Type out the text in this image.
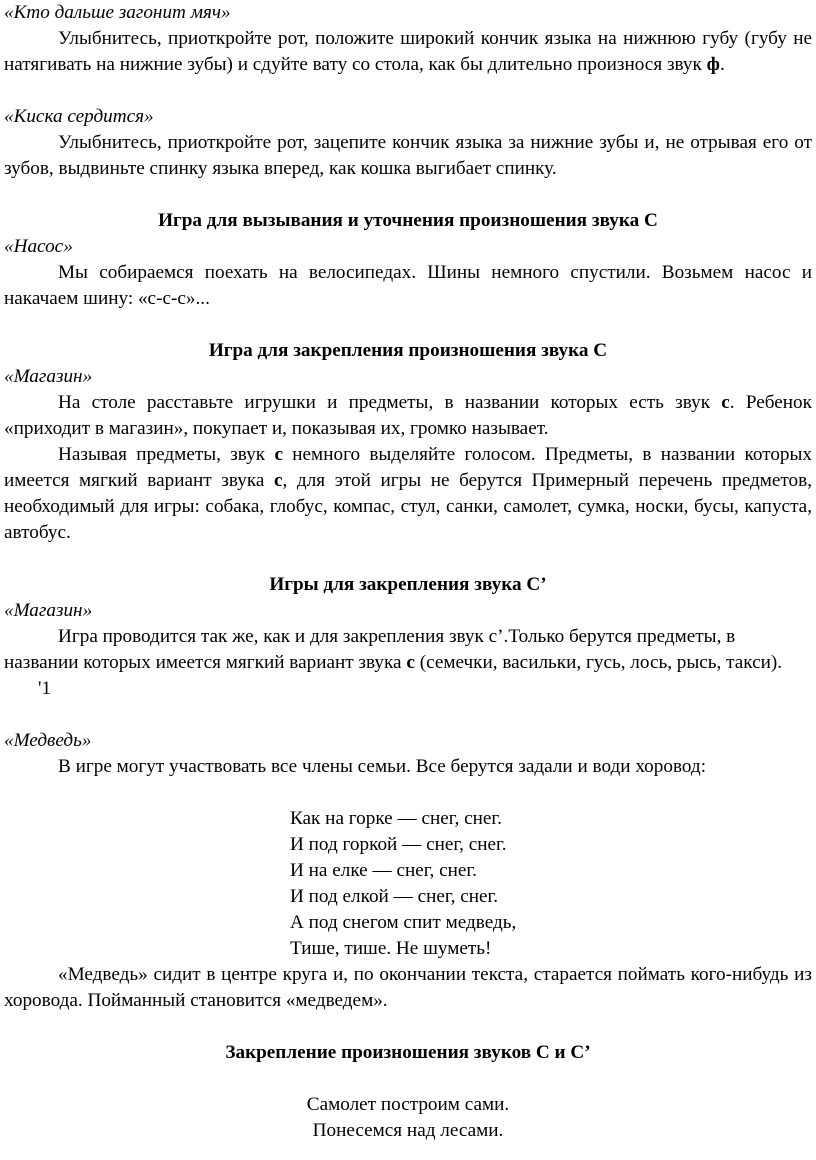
«Кто дальше загонит мяч»

Улыбнитесь, приоткройте рот, положите широкий кончик языка на нижнюю губу (губу не натягивать на нижние зубы) и сдуйте вату со стола, как бы длительно произнося звук ф.

«Киска сердится»

Улыбнитесь, приоткройте рот, зацепите кончик языка за нижние зубы и, не отрывая его от зубов, выдвиньте спинку языка вперед, как кошка выгибает спинку.

Игра для вызывания и уточнения произношения звука С

«Насос»

Мы собираемся поехать на велосипедах. Шины немного спустили. Возьмем насос и накачаем шину: «с-с-с»...

Игра для закрепления произношения звука С

«Магазин»

На столе расставьте игрушки и предметы, в названии которых есть звук с. Ребенок «приходит в магазин», покупает и, показывая их, громко называет.

Называя предметы, звук с немного выделяйте голосом. Предметы, в названии которых имеется мягкий вариант звука с, для этой игры не берутся Примерный перечень предметов, необходимый для игры: собака, глобус, компас, стул, санки, самолет, сумка, носки, бусы, капуста, автобус.

Игры для закрепления звука С’

«Магазин»

Игра проводится так же, как и для закрепления звук с’.Только берутся предметы, в названии которых имеется мягкий вариант звука с (семечки, васильки, гусь, лось, рысь, такси).'1

«Медведь»

В игре могут участвовать все члены семьи. Все берутся задали и води хоровод:

Как на горке — снег, снег.
И под горкой — снег, снег.
И на елке — снег, снег.
И под елкой — снег, снег.
А под снегом спит медведь,
Тише, тише. Не шуметь!

«Медведь» сидит в центре круга и, по окончании текста, старается поймать кого-нибудь из хоровода. Пойманный становится «медведем».

Закрепление произношения звуков С и С’

Самолет построим сами.
Понесемся над лесами.
